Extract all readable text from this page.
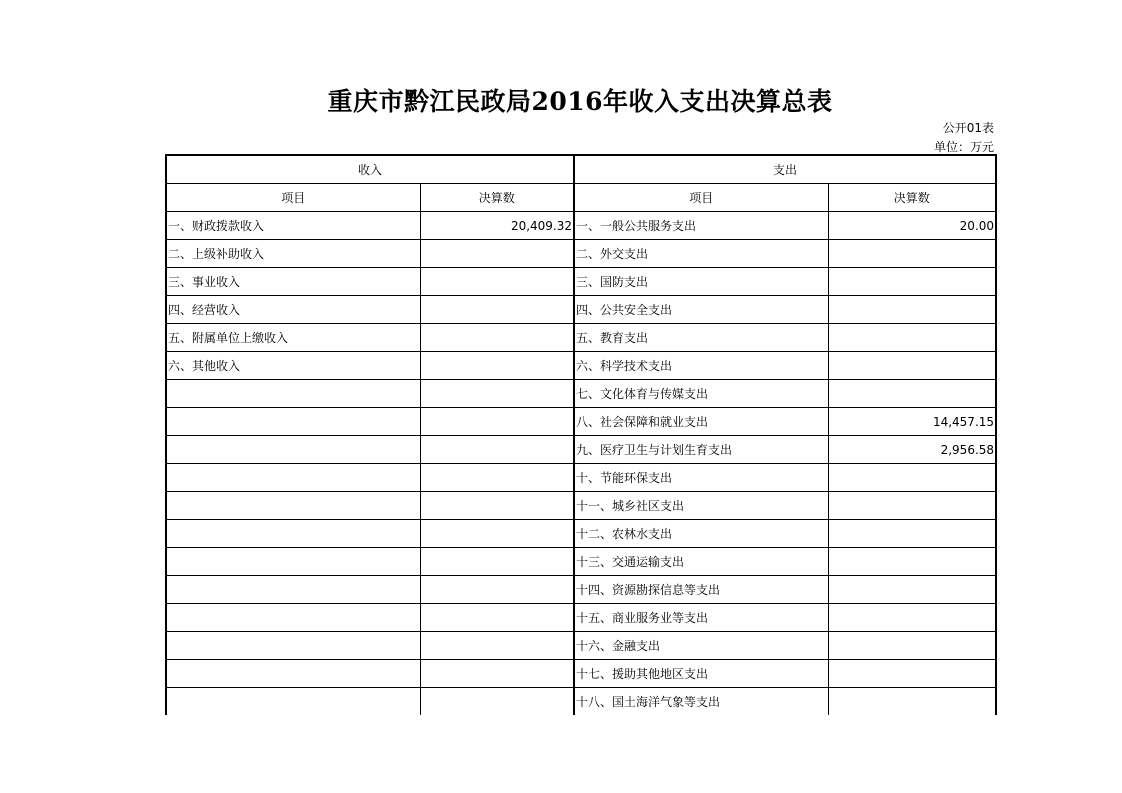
重庆市黔江民政局2016年收入支出决算总表
公开01表
单位：万元
收入		支出	
项目	决算数	项目	决算数
一、财政拨款收入	20,409.32	一、一般公共服务支出	20.00
二、上级补助收入		二、外交支出	
三、事业收入		三、国防支出	
四、经营收入		四、公共安全支出	
五、附属单位上缴收入		五、教育支出	
六、其他收入		六、科学技术支出	
		七、文化体育与传媒支出	
		八、社会保障和就业支出	14,457.15
		九、医疗卫生与计划生育支出	2,956.58
		十、节能环保支出	
		十一、城乡社区支出	
		十二、农林水支出	
		十三、交通运输支出	
		十四、资源勘探信息等支出	
		十五、商业服务业等支出	
		十六、金融支出	
		十七、援助其他地区支出	
		十八、国土海洋气象等支出	
